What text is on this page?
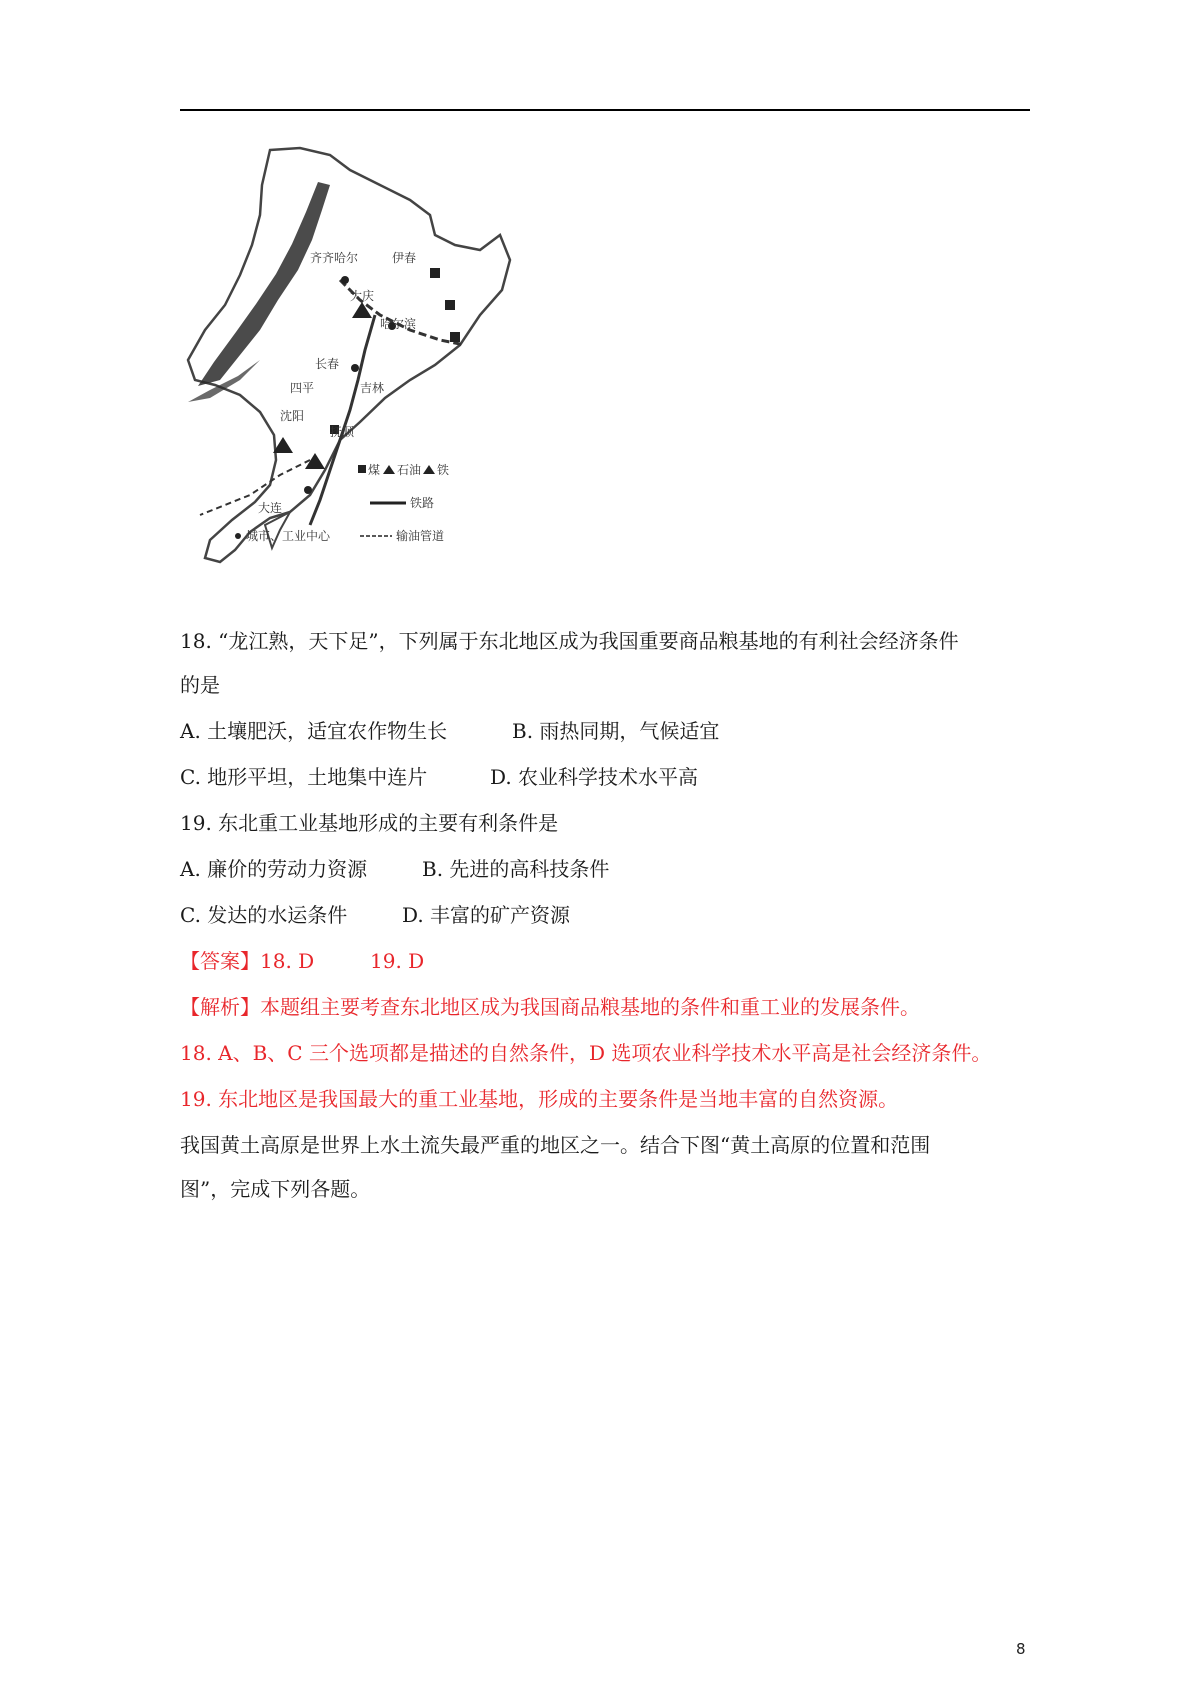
齐齐哈尔	伊春
大庆
哈尔滨
长春
吉林
四平
沈阳
抚顺
大连
煤 石油 铁
铁路
城市、工业中心	输油管道
18. “龙江熟，天下足”，下列属于东北地区成为我国重要商品粮基地的有利社会经济条件
的是
A. 土壤肥沃，适宜农作物生长	B. 雨热同期，气候适宜
C. 地形平坦，土地集中连片	D. 农业科学技术水平高
19. 东北重工业基地形成的主要有利条件是
A. 廉价的劳动力资源	B. 先进的高科技条件
C. 发达的水运条件	D. 丰富的矿产资源
【答案】18. D	19. D
【解析】本题组主要考查东北地区成为我国商品粮基地的条件和重工业的发展条件。
18. A、B、C 三个选项都是描述的自然条件，D 选项农业科学技术水平高是社会经济条件。
19. 东北地区是我国最大的重工业基地，形成的主要条件是当地丰富的自然资源。
我国黄土高原是世界上水土流失最严重的地区之一。结合下图“黄土高原的位置和范围
图”，完成下列各题。
8
